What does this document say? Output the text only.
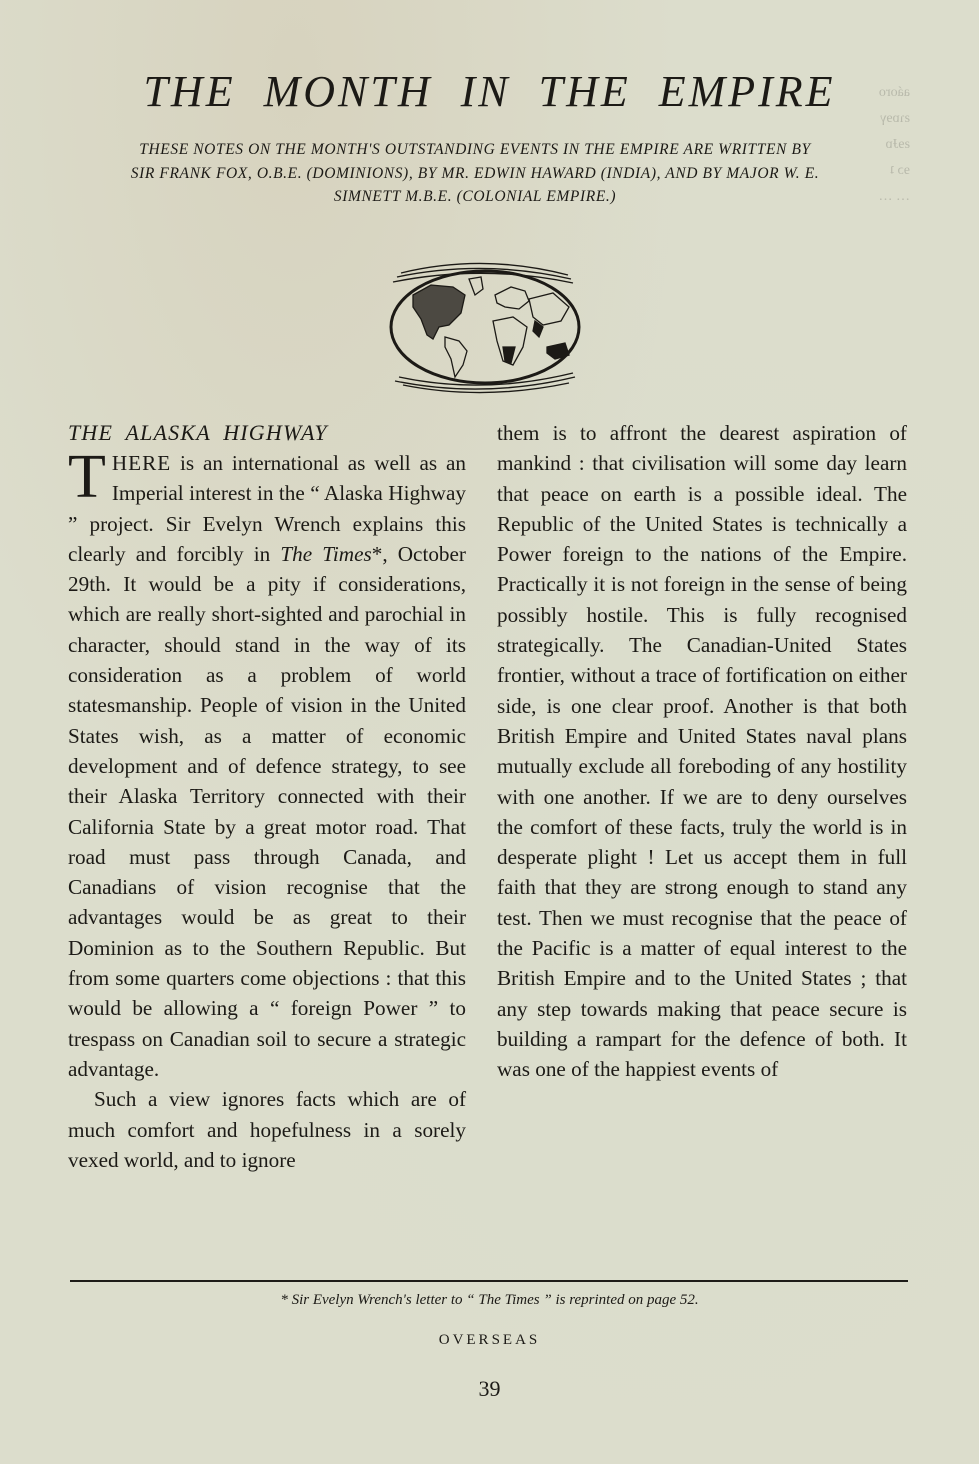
aáoro
ƨɿɒɘγ
ƨɘɈɒ
ɘɔ ʇ
… …
THE MONTH IN THE EMPIRE

THESE NOTES ON THE MONTH'S OUTSTANDING EVENTS IN THE EMPIRE ARE WRITTEN BY SIR FRANK FOX, O.B.E. (DOMINIONS), BY MR. EDWIN HAWARD (INDIA), AND BY MAJOR W. E. SIMNETT M.B.E. (COLONIAL EMPIRE.)

THE ALASKA HIGHWAY

THERE is an international as well as an Imperial interest in the “ Alaska Highway ” project. Sir Evelyn Wrench explains this clearly and forcibly in The Times*, October 29th. It would be a pity if considerations, which are really short-sighted and parochial in character, should stand in the way of its consideration as a problem of world statesmanship. People of vision in the United States wish, as a matter of economic development and of defence strategy, to see their Alaska Territory connected with their California State by a great motor road. That road must pass through Canada, and Canadians of vision recognise that the advantages would be as great to their Dominion as to the Southern Republic. But from some quarters come objections : that this would be allowing a “ foreign Power ” to trespass on Canadian soil to secure a strategic advantage.

Such a view ignores facts which are of much comfort and hopefulness in a sorely vexed world, and to ignore

them is to affront the dearest aspiration of mankind : that civilisation will some day learn that peace on earth is a possible ideal. The Republic of the United States is technically a Power foreign to the nations of the Empire. Practically it is not foreign in the sense of being possibly hostile. This is fully recognised strategically. The Canadian-United States frontier, without a trace of fortification on either side, is one clear proof. Another is that both British Empire and United States naval plans mutually exclude all foreboding of any hostility with one another. If we are to deny ourselves the comfort of these facts, truly the world is in desperate plight ! Let us accept them in full faith that they are strong enough to stand any test. Then we must recognise that the peace of the Pacific is a matter of equal interest to the British Empire and to the United States ; that any step towards making that peace secure is building a rampart for the defence of both. It was one of the happiest events of

* Sir Evelyn Wrench's letter to “ The Times ” is reprinted on page 52.
OVERSEAS
39
